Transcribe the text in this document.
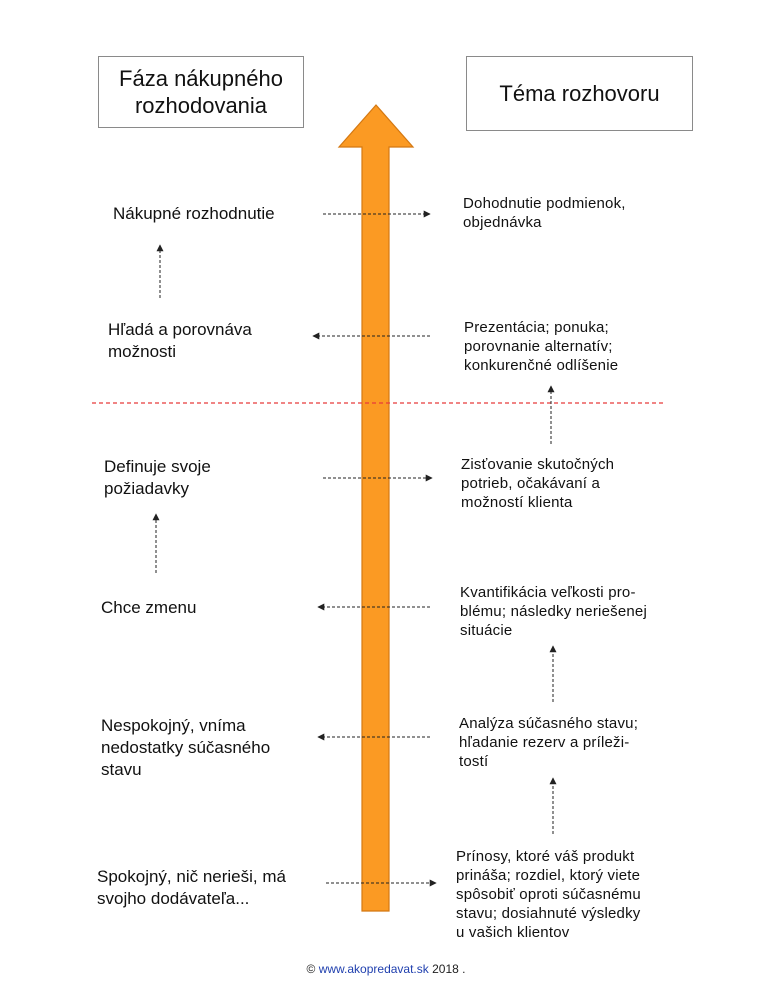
Fáza nákupného
rozhodovania	Téma rozhovoru
Nákupné rozhodnutie
Hľadá a porovnáva
možnosti
Definuje svoje
požiadavky
Chce zmenu
Nespokojný, vníma
nedostatky súčasného
stavu
Spokojný, nič nerieši, má
svojho dodávateľa...
Dohodnutie podmienok,
objednávka
Prezentácia; ponuka;
porovnanie alternatív;
konkurenčné odlíšenie
Zisťovanie skutočných
potrieb, očakávaní a
možností klienta
Kvantifikácia veľkosti pro-
blému; následky neriešenej
situácie
Analýza súčasného stavu;
hľadanie rezerv a príleži-
tostí
Prínosy, ktoré váš produkt
prináša; rozdiel, ktorý viete
spôsobiť oproti súčasnému
stavu; dosiahnuté výsledky
u vašich klientov
© www.akopredavat.sk 2018 .
